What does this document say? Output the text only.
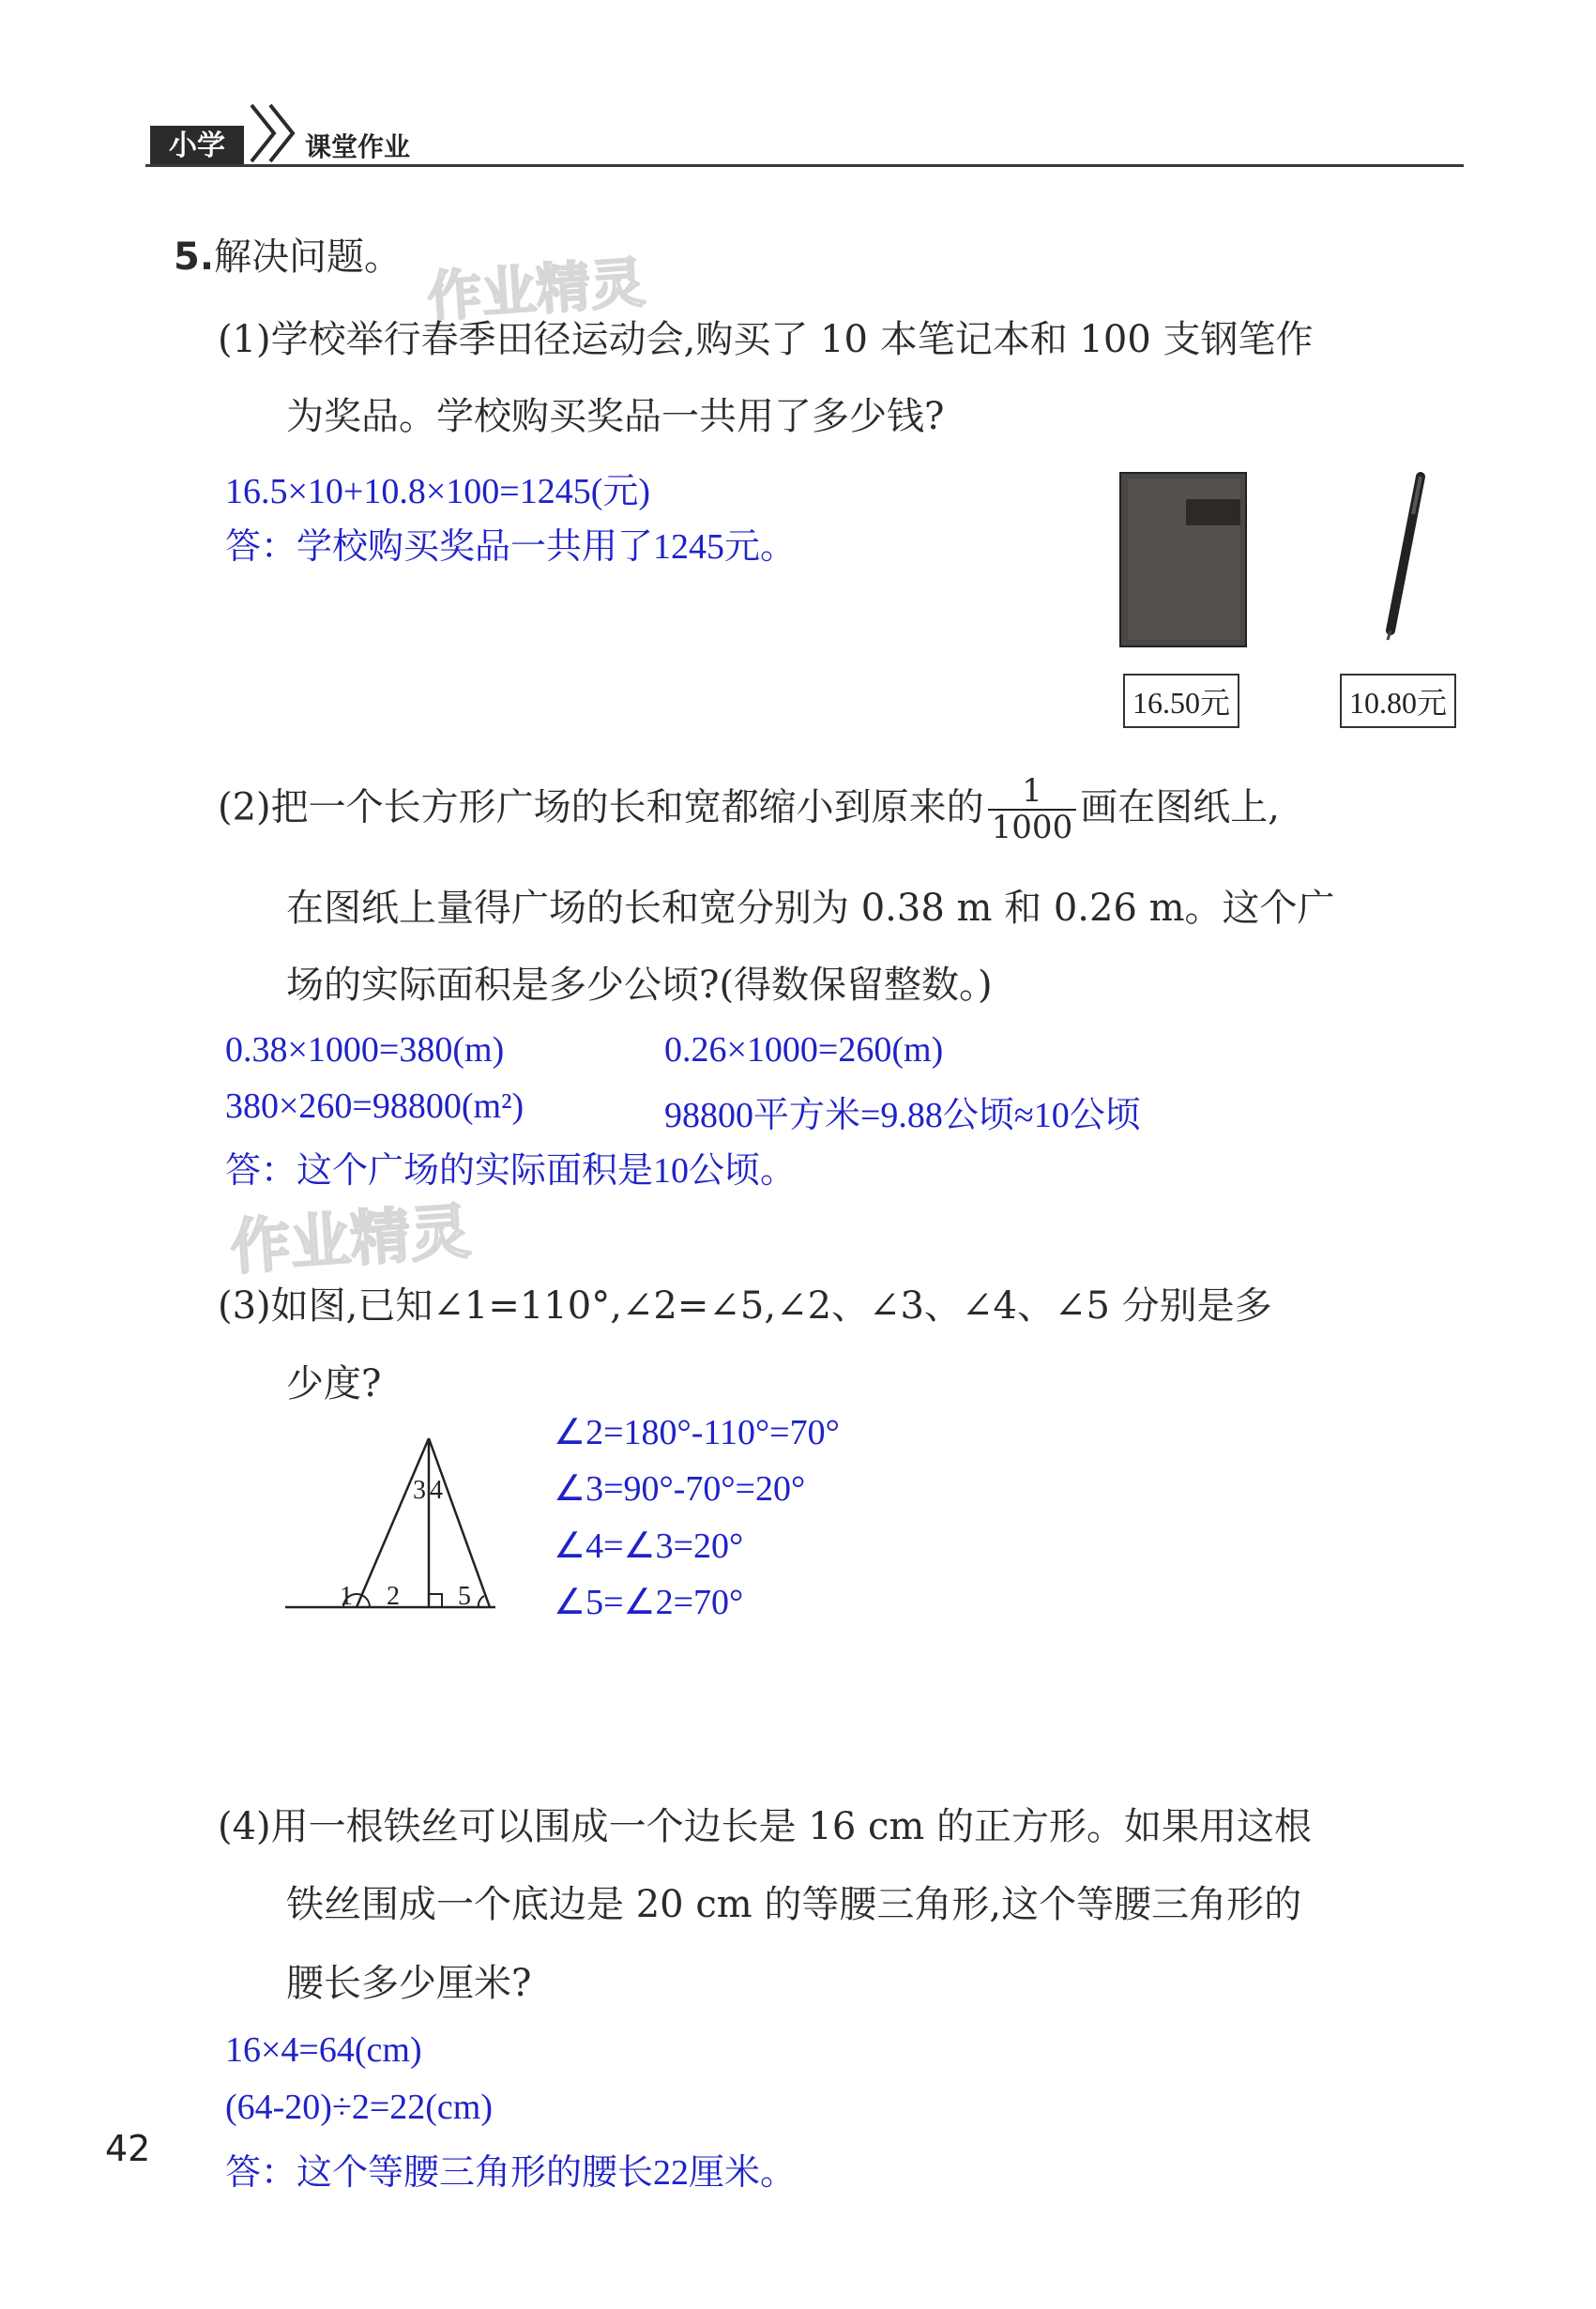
小学	课堂作业
5.解决问题。 作业精灵
(1)学校举行春季田径运动会,购买了 10 本笔记本和 100 支钢笔作
为奖品。学校购买奖品一共用了多少钱?
16.5×10+10.8×100=1245(元)
答：学校购买奖品一共用了1245元。
16.50元	10.80元
(2)把一个长方形广场的长和宽都缩小到原来的 $\frac{1}{1000}$ 画在图纸上,
在图纸上量得广场的长和宽分别为 0.38 m 和 0.26 m。这个广
场的实际面积是多少公顷?(得数保留整数。)
0.38×1000=380(m)	0.26×1000=260(m)
380×260=98800(m²)	98800平方米=9.88公顷≈10公顷
答：这个广场的实际面积是10公顷。
作业精灵
(3)如图,已知∠1=110°,∠2=∠5,∠2、∠3、∠4、∠5 分别是多
少度?
1 2
3 4
5
∠2=180°-110°=70°
∠3=90°-70°=20°
∠4=∠3=20°
∠5=∠2=70°
(4)用一根铁丝可以围成一个边长是 16 cm 的正方形。如果用这根
铁丝围成一个底边是 20 cm 的等腰三角形,这个等腰三角形的
腰长多少厘米?
16×4=64(cm)
(64-20)÷2=22(cm)
答：这个等腰三角形的腰长22厘米。
42
